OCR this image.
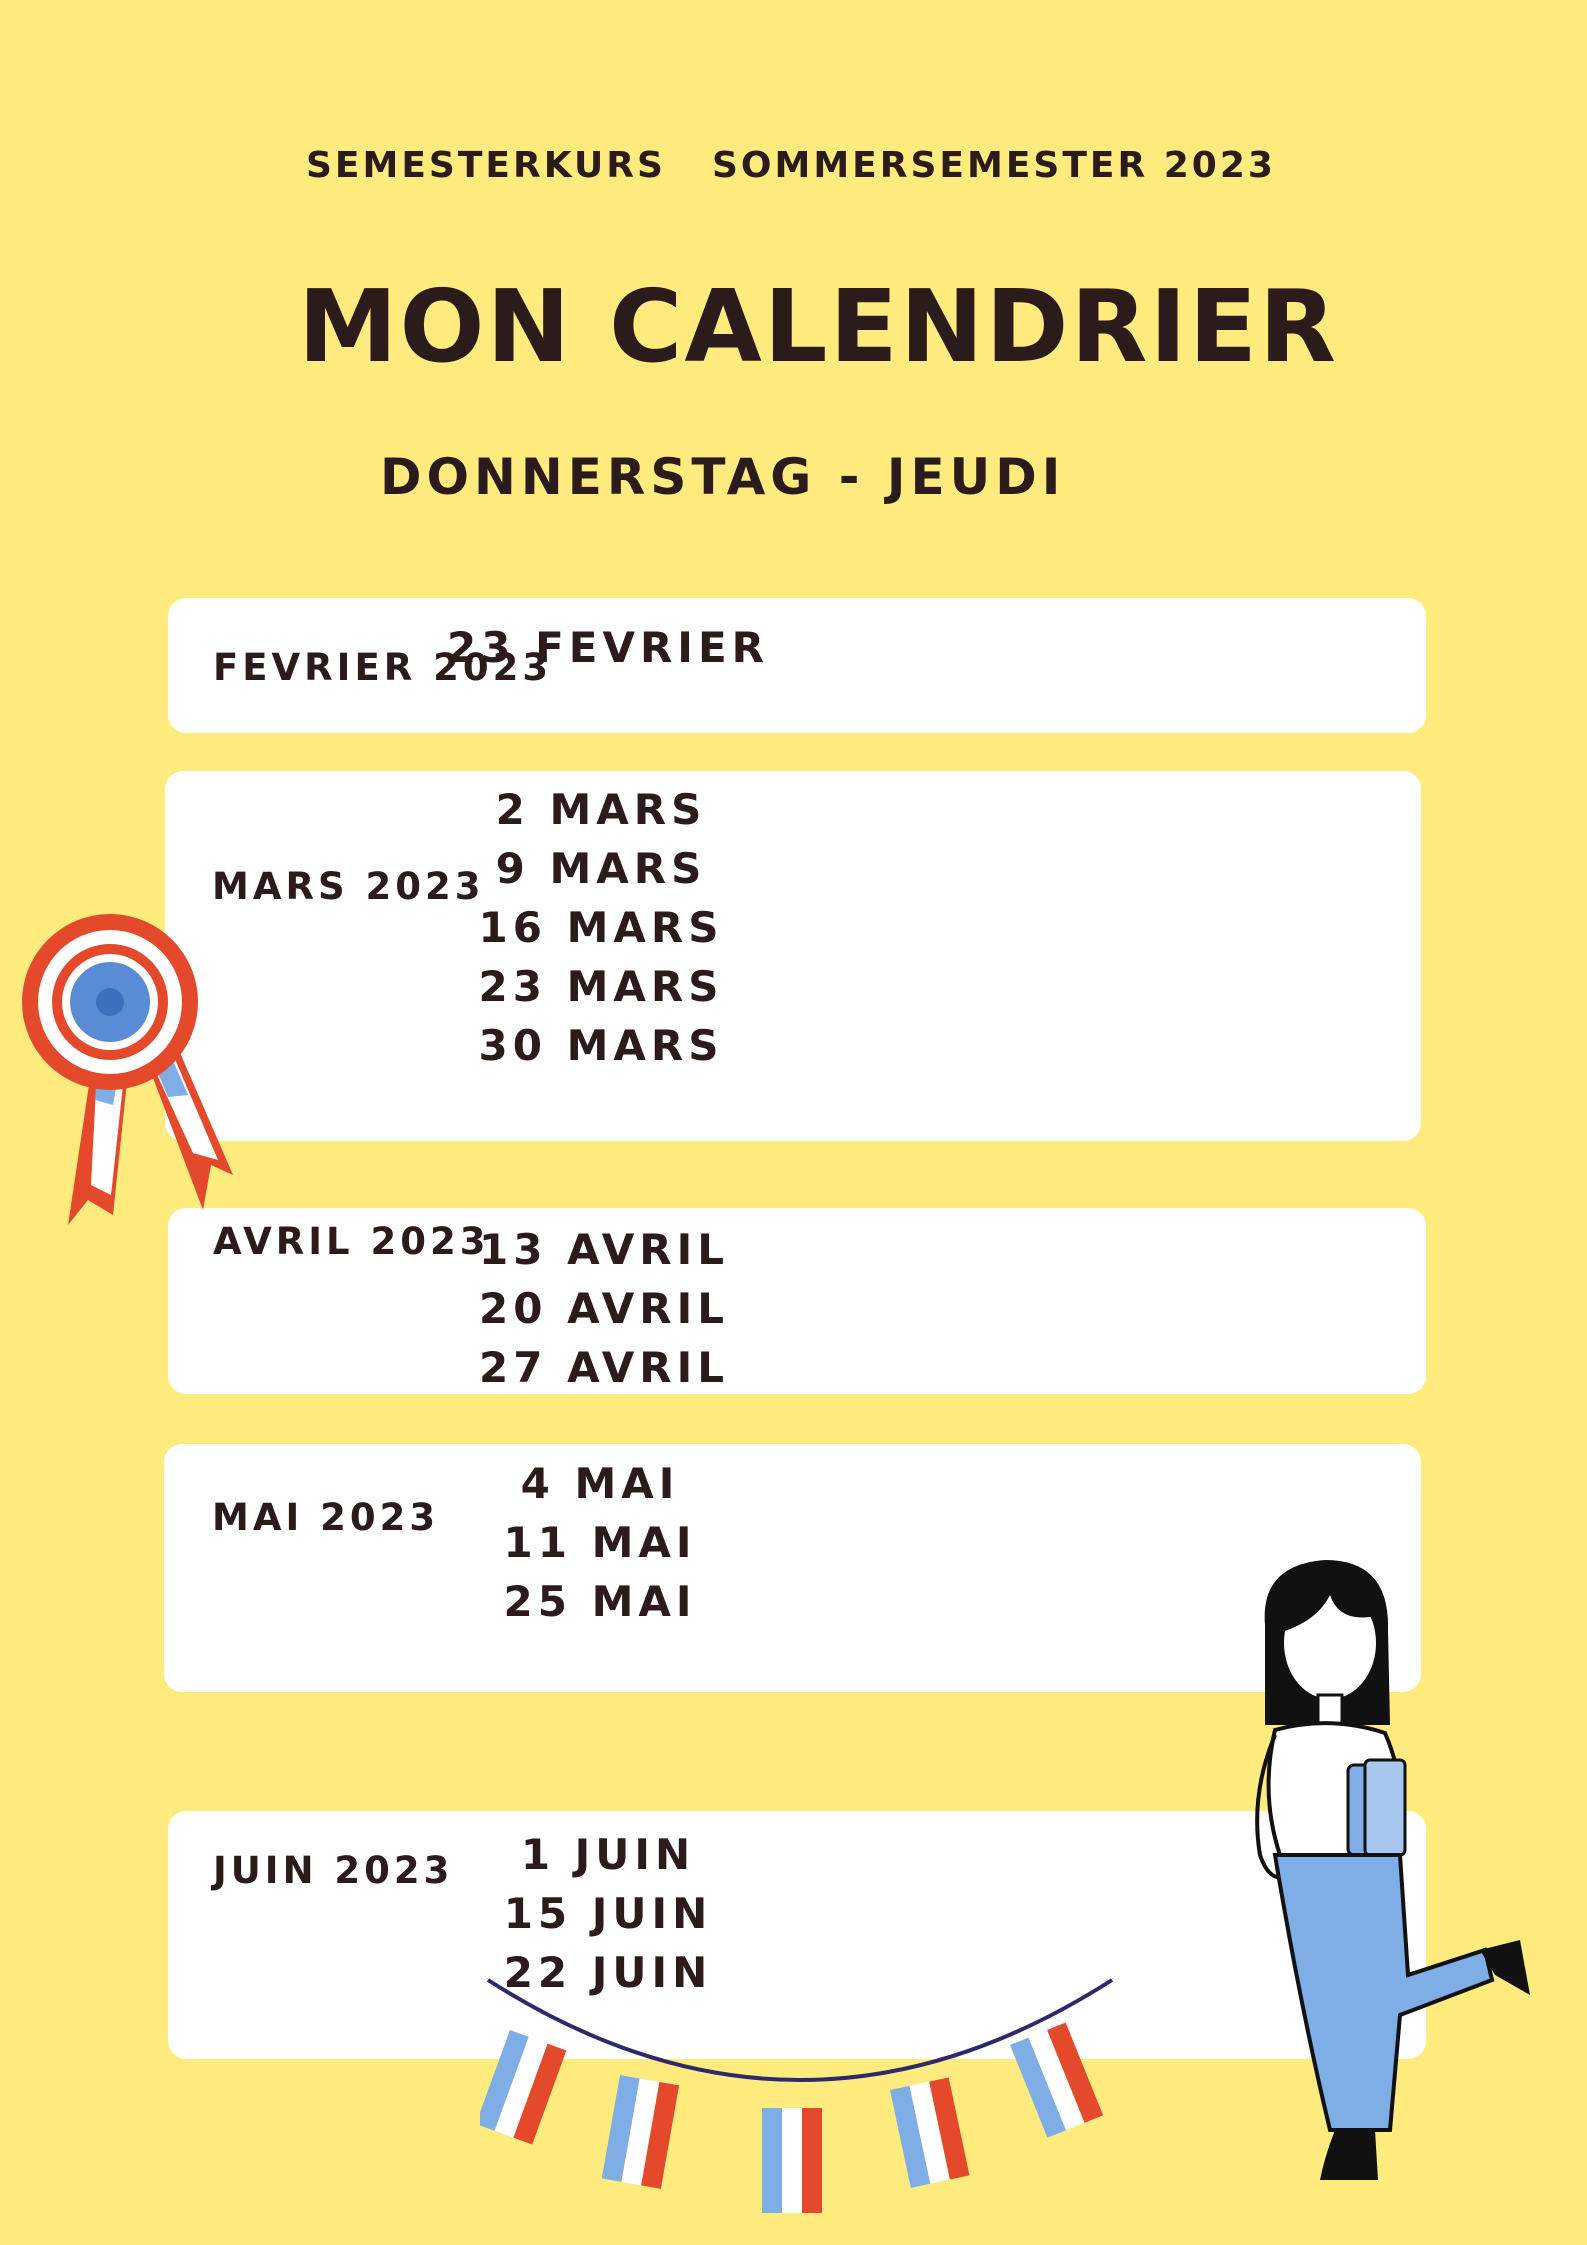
SEMESTERKURS SOMMERSEMESTER 2023
MON CALENDRIER
DONNERSTAG - JEUDI
FEVRIER 2023
23 FEVRIER
MARS 2023
2 MARS
9 MARS
16 MARS
23 MARS
30 MARS
AVRIL 2023
13 AVRIL
20 AVRIL
27 AVRIL
MAI 2023
4 MAI
11 MAI
25 MAI
JUIN 2023	1 JUIN
15 JUIN
22 JUIN
